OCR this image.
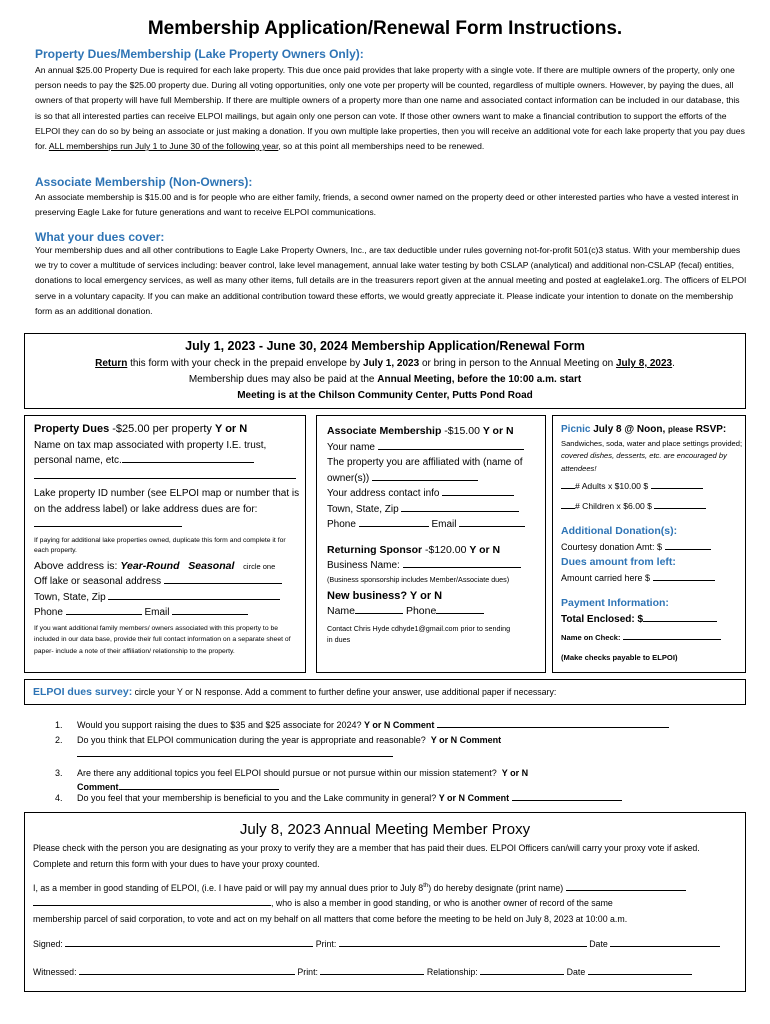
Membership Application/Renewal Form Instructions.
Property Dues/Membership (Lake Property Owners Only):
An annual $25.00 Property Due is required for each lake property. This due once paid provides that lake property with a single vote. If there are multiple owners of the property, only one person needs to pay the $25.00 property due. During all voting opportunities, only one vote per property will be counted, regardless of multiple owners. However, by paying the dues, all owners of that property will have full Membership. If there are multiple owners of a property more than one name and associated contact information can be included in our database, this is so that all interested parties can receive ELPOI mailings, but again only one person can vote. If those other owners want to make a financial contribution to support the efforts of the ELPOI they can do so by being an associate or just making a donation. If you own multiple lake properties, then you will receive an additional vote for each lake property that you pay dues for. ALL memberships run July 1 to June 30 of the following year, so at this point all memberships need to be renewed.
Associate Membership (Non-Owners):
An associate membership is $15.00 and is for people who are either family, friends, a second owner named on the property deed or other interested parties who have a vested interest in preserving Eagle Lake for future generations and want to receive ELPOI communications.
What your dues cover:
Your membership dues and all other contributions to Eagle Lake Property Owners, Inc., are tax deductible under rules governing not-for-profit 501(c)3 status. With your membership dues we try to cover a multitude of services including: beaver control, lake level management, annual lake water testing by both CSLAP (analytical) and additional non-CSLAP (fecal) entities, donations to local emergency services, as well as many other items, full details are in the treasurers report given at the annual meeting and posted at eaglelake1.org. The officers of ELPOI serve in a voluntary capacity. If you can make an additional contribution toward these efforts, we would greatly appreciate it. Please indicate your intention to donate on the membership form as an additional donation.
July 1, 2023 - June 30, 2024 Membership Application/Renewal Form
Return this form with your check in the prepaid envelope by July 1, 2023 or bring in person to the Annual Meeting on July 8, 2023.
Membership dues may also be paid at the Annual Meeting, before the 10:00 a.m. start
Meeting is at the Chilson Community Center, Putts Pond Road
Property Dues -$25.00 per property Y or N
Name on tax map associated with property I.E. trust, personal name, etc.
Lake property ID number (see ELPOI map or number that is on the address label) or lake address dues are for:
If paying for additional lake properties owned, duplicate this form and complete it for each property.
Above address is: Year-Round Seasonal circle one
Off lake or seasonal address
Town, State, Zip
Phone	Email
If you want additional family members/ owners associated with this property to be included in our data base, provide their full contact information on a separate sheet of paper- include a note of their affiliation/ relationship to the property.
Associate Membership -$15.00 Y or N
Your name
The property you are affiliated with (name of owner(s))
Your address contact info
Town, State, Zip
Phone	Email
Returning Sponsor -$120.00 Y or N
Business Name:
(Business sponsorship includes Member/Associate dues)
New business? Y or N
Name	Phone
Contact Chris Hyde cdhyde1@gmail.com prior to sending in dues
Picnic July 8 @ Noon, please RSVP:
Sandwiches, soda, water and place settings provided; covered dishes, desserts, etc. are encouraged by attendees!
# Adults x $10.00 $
# Children x $6.00 $
Additional Donation(s):
Courtesy donation Amt: $
Dues amount from left:
Amount carried here $
Payment Information:
Total Enclosed: $
Name on Check:
(Make checks payable to ELPOI)
ELPOI dues survey: circle your Y or N response. Add a comment to further define your answer, use additional paper if necessary:
1. Would you support raising the dues to $35 and $25 associate for 2024? Y or N Comment
2. Do you think that ELPOI communication during the year is appropriate and reasonable? Y or N Comment
3. Are there any additional topics you feel ELPOI should pursue or not pursue within our mission statement? Y or N
Comment
4. Do you feel that your membership is beneficial to you and the Lake community in general? Y or N Comment
July 8, 2023 Annual Meeting Member Proxy
Please check with the person you are designating as your proxy to verify they are a member that has paid their dues. ELPOI Officers can/will carry your proxy vote if asked. Complete and return this form with your dues to have your proxy counted.
I, as a member in good standing of ELPOI, (i.e. I have paid or will pay my annual dues prior to July 8th) do hereby designate (print name)
, who is also a member in good standing, or who is another owner of record of the same
membership parcel of said corporation, to vote and act on my behalf on all matters that come before the meeting to be held on July 8, 2023 at 10:00 a.m.
Signed:	Print:	Date
Witnessed:	Print:	Relationship:	Date
